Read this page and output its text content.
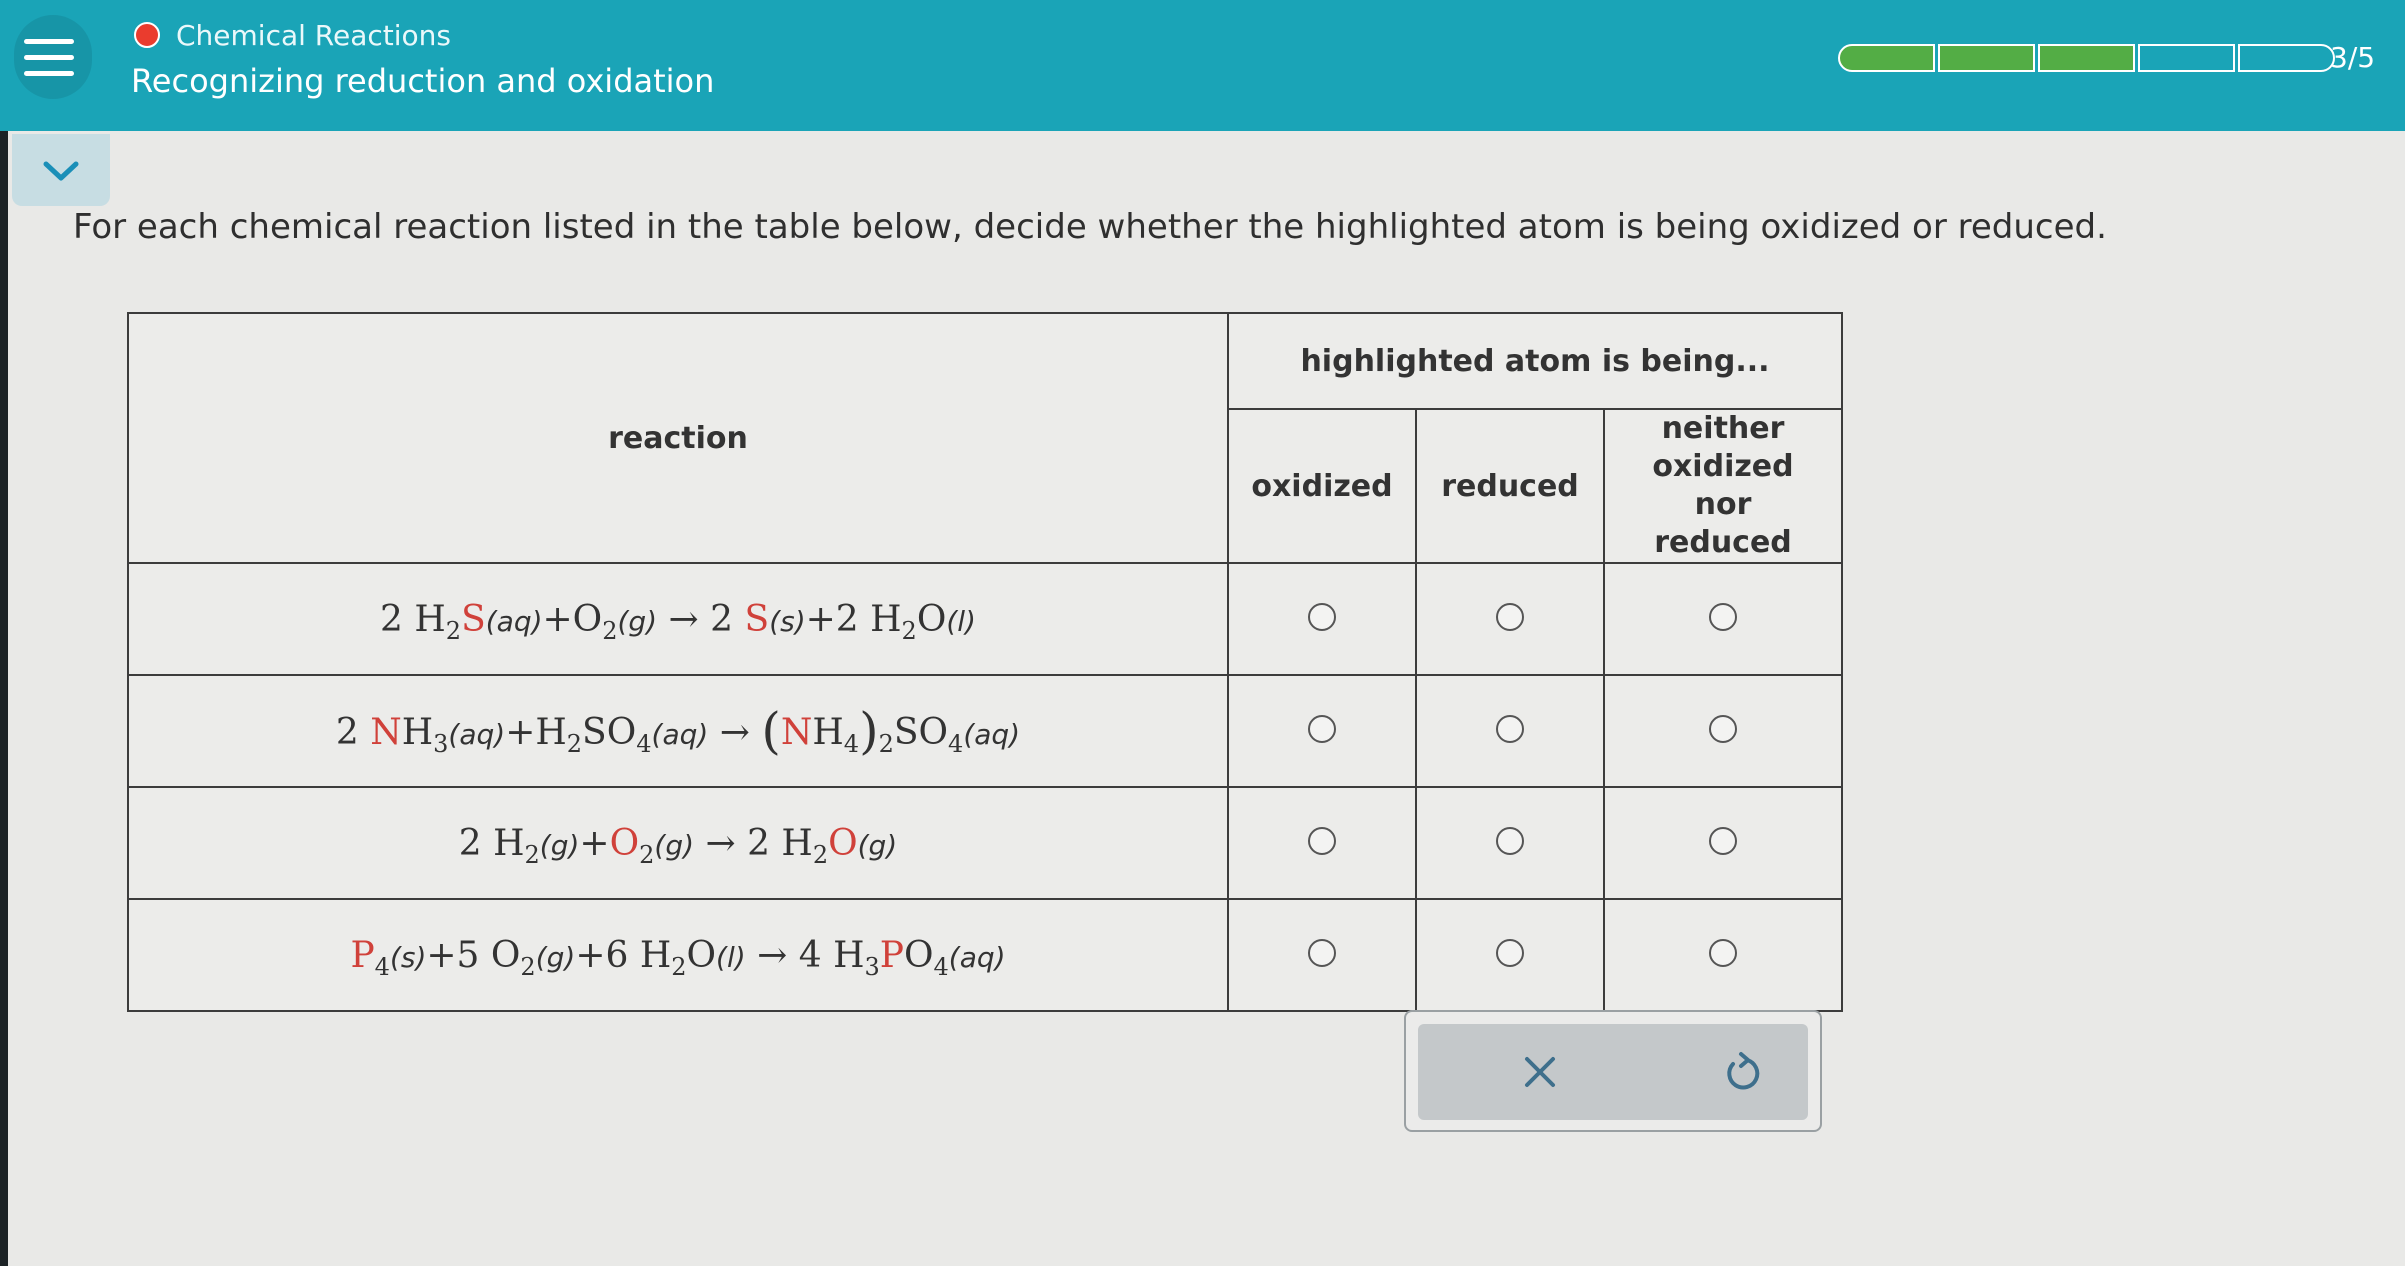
Chemical Reactions
Recognizing reduction and oxidation
3/5
For each chemical reaction listed in the table below, decide whether the highlighted atom is being oxidized or reduced.
reaction	highlighted atom is being...		
	oxidized	reduced	neither oxidized nor reduced

2 $H_2S(aq)+O_2(g) \to 2$ S(s)+2 $H_2O(l)$			
2 $NH_3(aq)+H_2SO_4(aq) \to (NH_4)_2SO_4(aq)$			
2 $H_2(g)+O_2(g) \to 2$ $H_2O(g)$			
$P_4(s)+5$ $O_2(g)+6$ $H_2O(l) \to 4$ $H_3PO_4(aq)$			
